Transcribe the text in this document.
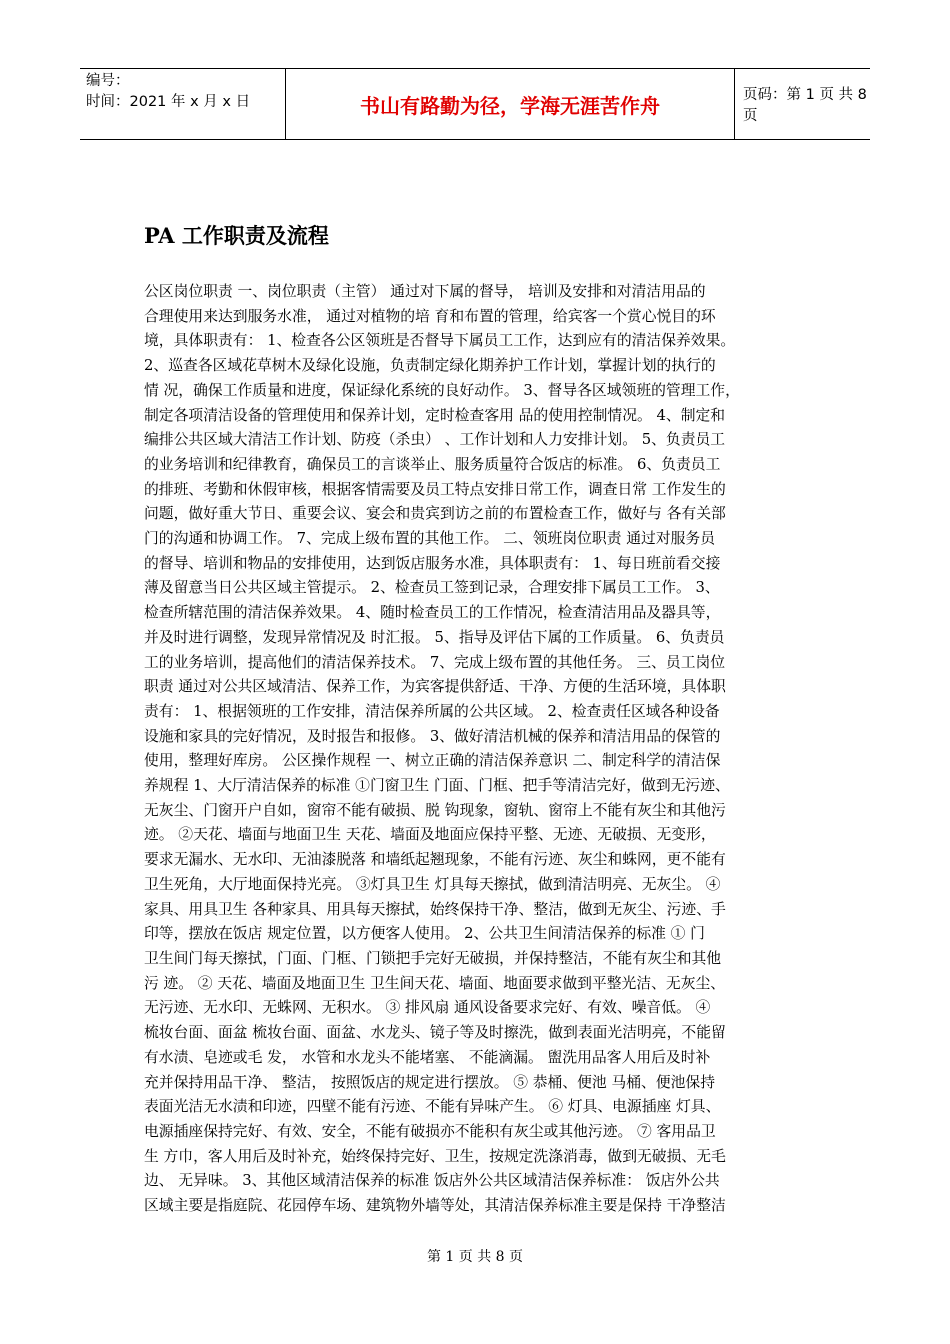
编号：
时间：2021 年 x 月 x 日	书山有路勤为径，学海无涯苦作舟	页码：第 1 页 共 8 页
PA 工作职责及流程
公区岗位职责 一、岗位职责（主管） 通过对下属的督导， 培训及安排和对清洁用品的
合理使用来达到服务水准， 通过对植物的培 育和布置的管理，给宾客一个赏心悦目的环
境，具体职责有： 1、检查各公区领班是否督导下属员工工作，达到应有的清洁保养效果。
2、巡查各区域花草树木及绿化设施，负责制定绿化期养护工作计划，掌握计划的执行的
情 况，确保工作质量和进度，保证绿化系统的良好动作。 3、督导各区域领班的管理工作，
制定各项清洁设备的管理使用和保养计划，定时检查客用 品的使用控制情况。 4、制定和
编排公共区域大清洁工作计划、防疫（杀虫） 、工作计划和人力安排计划。 5、负责员工
的业务培训和纪律教育，确保员工的言谈举止、服务质量符合饭店的标准。 6、负责员工
的排班、考勤和休假审核，根据客情需要及员工特点安排日常工作，调查日常 工作发生的
问题，做好重大节日、重要会议、宴会和贵宾到访之前的布置检查工作，做好与 各有关部
门的沟通和协调工作。 7、完成上级布置的其他工作。 二、领班岗位职责 通过对服务员
的督导、培训和物品的安排使用，达到饭店服务水准，具体职责有： 1、每日班前看交接
薄及留意当日公共区域主管提示。 2、检查员工签到记录，合理安排下属员工工作。 3、
检查所辖范围的清洁保养效果。 4、随时检查员工的工作情况，检查清洁用品及器具等，
并及时进行调整，发现异常情况及 时汇报。 5、指导及评估下属的工作质量。 6、负责员
工的业务培训，提高他们的清洁保养技术。 7、完成上级布置的其他任务。 三、员工岗位
职责 通过对公共区域清洁、保养工作，为宾客提供舒适、干净、方便的生活环境，具体职
责有： 1、根据领班的工作安排，清洁保养所属的公共区域。 2、检查责任区域各种设备
设施和家具的完好情况，及时报告和报修。 3、做好清洁机械的保养和清洁用品的保管的
使用，整理好库房。 公区操作规程 一、树立正确的清洁保养意识 二、制定科学的清洁保
养规程 1、大厅清洁保养的标准 ①门窗卫生 门面、门框、把手等清洁完好，做到无污迹、
无灰尘、门窗开户自如，窗帘不能有破损、脱 钩现象，窗轨、窗帘上不能有灰尘和其他污
迹。 ②天花、墙面与地面卫生 天花、墙面及地面应保持平整、无迹、无破损、无变形，
要求无漏水、无水印、无油漆脱落 和墙纸起翘现象，不能有污迹、灰尘和蛛网，更不能有
卫生死角，大厅地面保持光亮。 ③灯具卫生 灯具每天擦拭，做到清洁明亮、无灰尘。 ④
家具、用具卫生 各种家具、用具每天擦拭，始终保持干净、整洁，做到无灰尘、污迹、手
印等，摆放在饭店 规定位置，以方便客人使用。 2、公共卫生间清洁保养的标准 ① 门
卫生间门每天擦拭，门面、门框、门锁把手完好无破损，并保持整洁，不能有灰尘和其他
污 迹。 ② 天花、墙面及地面卫生 卫生间天花、墙面、地面要求做到平整光洁、无灰尘、
无污迹、无水印、无蛛网、无积水。 ③ 排风扇 通风设备要求完好、有效、噪音低。 ④
梳妆台面、面盆 梳妆台面、面盆、水龙头、镜子等及时擦洗，做到表面光洁明亮，不能留
有水渍、皂迹或毛 发， 水管和水龙头不能堵塞、 不能滴漏。 盥洗用品客人用后及时补
充并保持用品干净、 整洁， 按照饭店的规定进行摆放。 ⑤ 恭桶、便池 马桶、便池保持
表面光洁无水渍和印迹，四壁不能有污迹、不能有异味产生。 ⑥ 灯具、电源插座 灯具、
电源插座保持完好、有效、安全，不能有破损亦不能积有灰尘或其他污迹。 ⑦ 客用品卫
生 方巾，客人用后及时补充，始终保持完好、卫生，按规定洗涤消毒，做到无破损、无毛
边、 无异味。 3、其他区域清洁保养的标准 饭店外公共区域清洁保养标准： 饭店外公共
区域主要是指庭院、花园停车场、建筑物外墙等处，其清洁保养标准主要是保持 干净整洁
第 1 页 共 8 页
